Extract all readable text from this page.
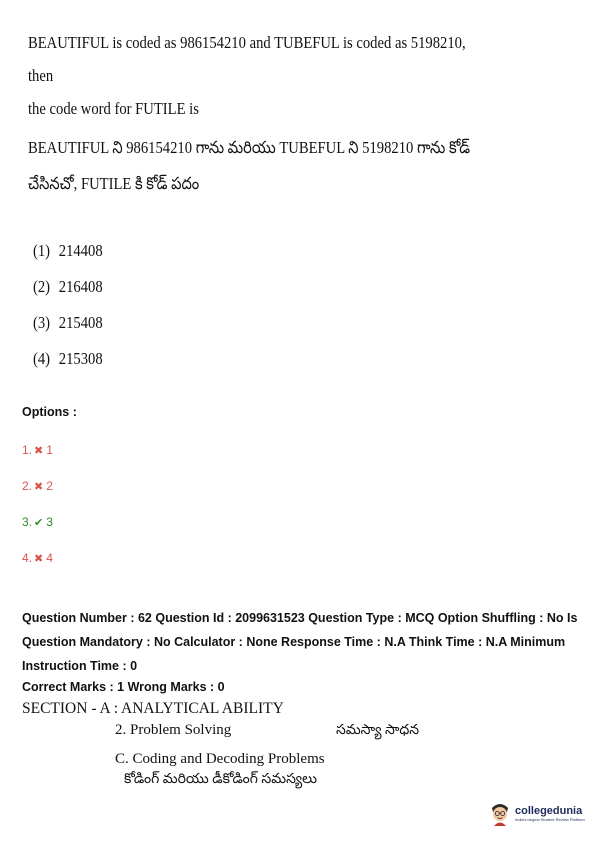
BEAUTIFUL is coded as 986154210 and TUBEFUL is coded as 5198210, then
the code word for FUTILE is
BEAUTIFUL ని 986154210 గాను మరియు TUBEFUL ని 5198210 గాను కోడ్
చేసినచో, FUTILE కి కోడ్ పదం
(1) 214408
(2) 216408
(3) 215408
(4) 215308
Options :
1. ✖ 1
2. ✖ 2
3. ✔ 3
4. ✖ 4
Question Number : 62 Question Id : 2099631523 Question Type : MCQ Option Shuffling : No Is
Question Mandatory : No Calculator : None Response Time : N.A Think Time : N.A Minimum
Instruction Time : 0
Correct Marks : 1 Wrong Marks : 0
SECTION - A : ANALYTICAL ABILITY
2. Problem Solving	సమస్యా సాధన
C. Coding and Decoding Problems
కోడింగ్ మరియు డీకోడింగ్ సమస్యలు
collegedunia
India's largest Student Review Platform
